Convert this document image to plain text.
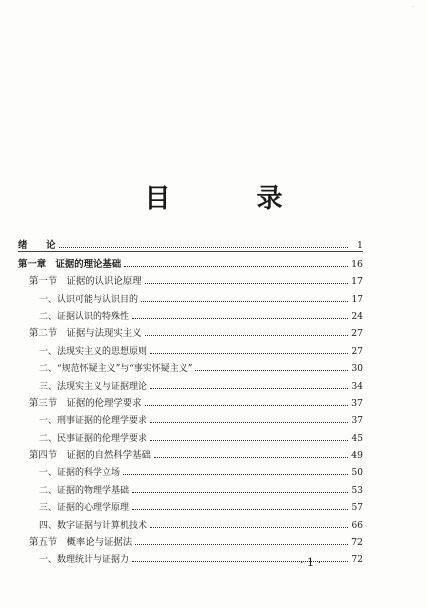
·
目　录
绪　　论	1
第一章　证据的理论基础	16
第一节　证据的认识论原理	17
一、认识可能与认识目的	17
二、证据认识的特殊性	24
第二节　证据与法现实主义	27
一、法现实主义的思想原则	27
二、“规范怀疑主义”与“事实怀疑主义”	30
三、法现实主义与证据理论	34
第三节　证据的伦理学要求	37
一、刑事证据的伦理学要求	37
二、民事证据的伦理学要求	45
第四节　证据的自然科学基础	49
一、证据的科学立场	50
二、证据的物理学基础	53
三、证据的心理学原理	57
四、数字证据与计算机技术	66
第五节　概率论与证据法	72
一、数理统计与证据力	72
· 1 ·
